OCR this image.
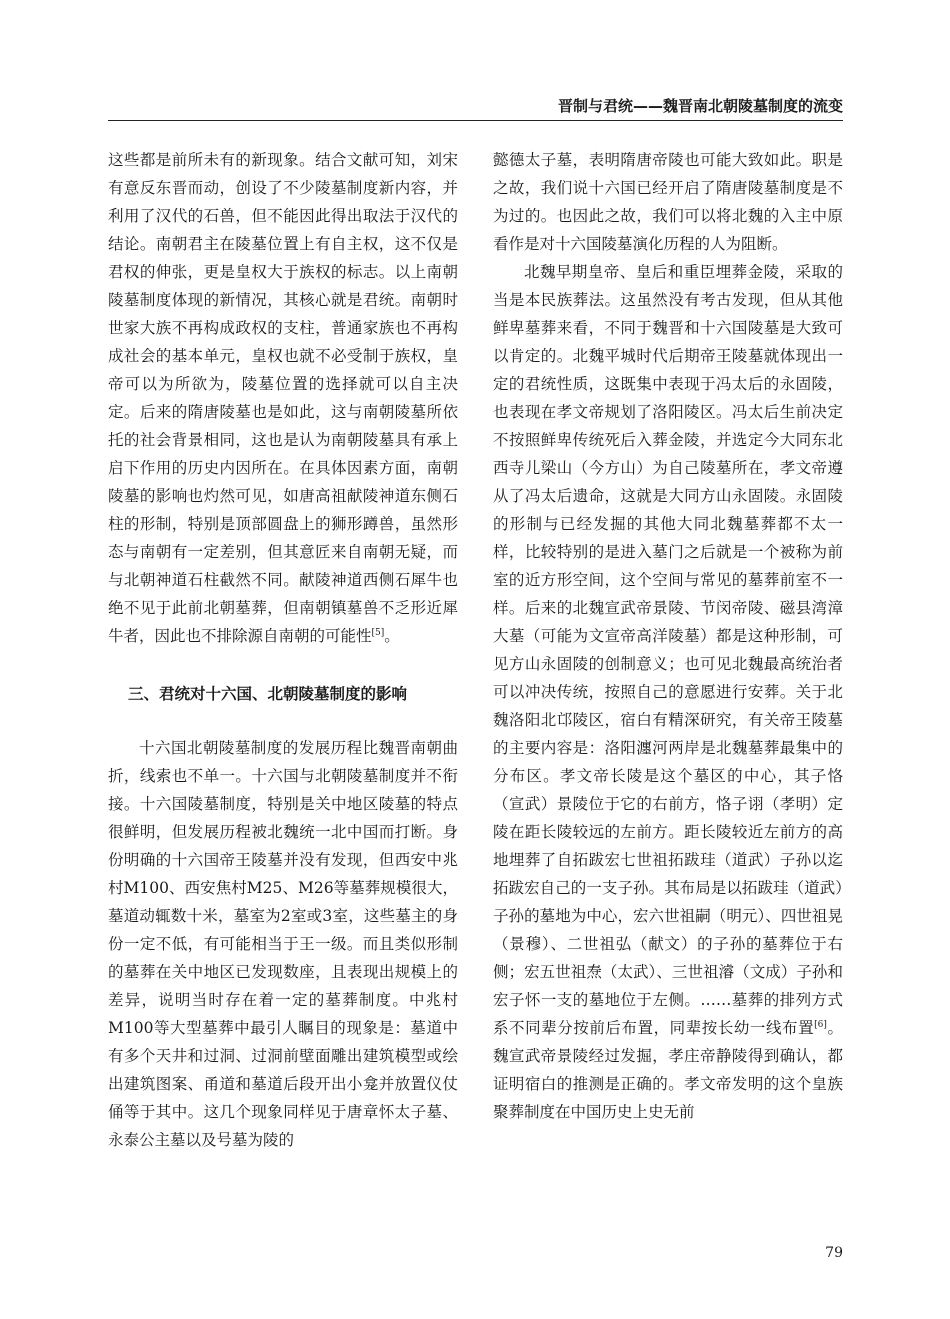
晋制与君统——魏晋南北朝陵墓制度的流变

这些都是前所未有的新现象。结合文献可知，刘宋有意反东晋而动，创设了不少陵墓制度新内容，并利用了汉代的石兽，但不能因此得出取法于汉代的结论。南朝君主在陵墓位置上有自主权，这不仅是君权的伸张，更是皇权大于族权的标志。以上南朝陵墓制度体现的新情况，其核心就是君统。南朝时世家大族不再构成政权的支柱，普通家族也不再构成社会的基本单元，皇权也就不必受制于族权，皇帝可以为所欲为，陵墓位置的选择就可以自主决定。后来的隋唐陵墓也是如此，这与南朝陵墓所依托的社会背景相同，这也是认为南朝陵墓具有承上启下作用的历史内因所在。在具体因素方面，南朝陵墓的影响也灼然可见，如唐高祖献陵神道东侧石柱的形制，特别是顶部圆盘上的狮形蹲兽，虽然形态与南朝有一定差别，但其意匠来自南朝无疑，而与北朝神道石柱截然不同。献陵神道西侧石犀牛也绝不见于此前北朝墓葬，但南朝镇墓兽不乏形近犀牛者，因此也不排除源自南朝的可能性[5]。

三、君统对十六国、北朝陵墓制度的影响

十六国北朝陵墓制度的发展历程比魏晋南朝曲折，线索也不单一。十六国与北朝陵墓制度并不衔接。十六国陵墓制度，特别是关中地区陵墓的特点很鲜明，但发展历程被北魏统一北中国而打断。身份明确的十六国帝王陵墓并没有发现，但西安中兆村M100、西安焦村M25、M26等墓葬规模很大，墓道动辄数十米，墓室为2室或3室，这些墓主的身份一定不低，有可能相当于王一级。而且类似形制的墓葬在关中地区已发现数座，且表现出规模上的差异，说明当时存在着一定的墓葬制度。中兆村M100等大型墓葬中最引人瞩目的现象是：墓道中有多个天井和过洞、过洞前壁面雕出建筑模型或绘出建筑图案、甬道和墓道后段开出小龛并放置仪仗俑等于其中。这几个现象同样见于唐章怀太子墓、永泰公主墓以及号墓为陵的

懿德太子墓，表明隋唐帝陵也可能大致如此。职是之故，我们说十六国已经开启了隋唐陵墓制度是不为过的。也因此之故，我们可以将北魏的入主中原看作是对十六国陵墓演化历程的人为阻断。

北魏早期皇帝、皇后和重臣埋葬金陵，采取的当是本民族葬法。这虽然没有考古发现，但从其他鲜卑墓葬来看，不同于魏晋和十六国陵墓是大致可以肯定的。北魏平城时代后期帝王陵墓就体现出一定的君统性质，这既集中表现于冯太后的永固陵，也表现在孝文帝规划了洛阳陵区。冯太后生前决定不按照鲜卑传统死后入葬金陵，并选定今大同东北西寺儿梁山（今方山）为自己陵墓所在，孝文帝遵从了冯太后遗命，这就是大同方山永固陵。永固陵的形制与已经发掘的其他大同北魏墓葬都不太一样，比较特别的是进入墓门之后就是一个被称为前室的近方形空间，这个空间与常见的墓葬前室不一样。后来的北魏宣武帝景陵、节闵帝陵、磁县湾漳大墓（可能为文宣帝高洋陵墓）都是这种形制，可见方山永固陵的创制意义；也可见北魏最高统治者可以冲决传统，按照自己的意愿进行安葬。关于北魏洛阳北邙陵区，宿白有精深研究，有关帝王陵墓的主要内容是：洛阳瀍河两岸是北魏墓葬最集中的分布区。孝文帝长陵是这个墓区的中心，其子恪（宣武）景陵位于它的右前方，恪子诩（孝明）定陵在距长陵较远的左前方。距长陵较近左前方的高地埋葬了自拓跋宏七世祖拓跋珪（道武）子孙以迄拓跋宏自己的一支子孙。其布局是以拓跋珪（道武）子孙的墓地为中心，宏六世祖嗣（明元）、四世祖晃（景穆）、二世祖弘（献文）的子孙的墓葬位于右侧；宏五世祖焘（太武）、三世祖濬（文成）子孙和宏子怀一支的墓地位于左侧。……墓葬的排列方式系不同辈分按前后布置，同辈按长幼一线布置[6]。魏宣武帝景陵经过发掘，孝庄帝静陵得到确认，都证明宿白的推测是正确的。孝文帝发明的这个皇族聚葬制度在中国历史上史无前

79
